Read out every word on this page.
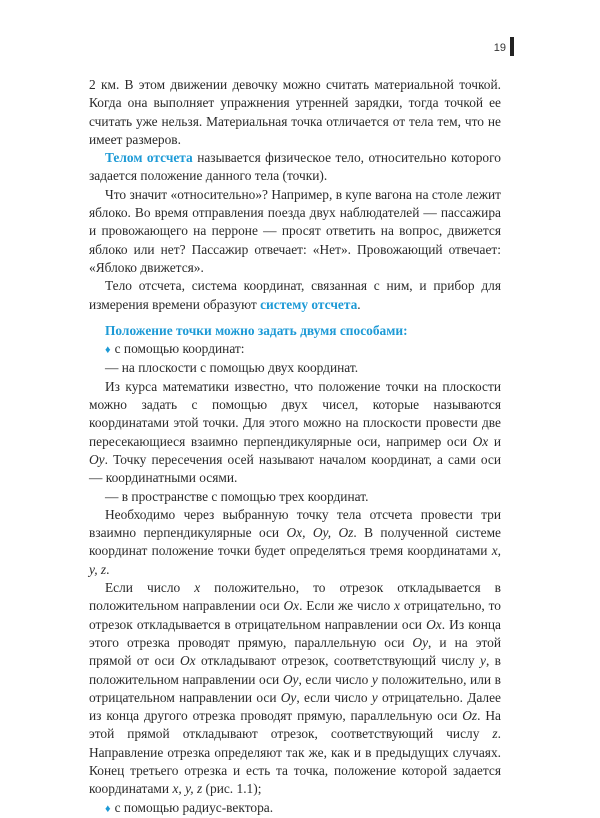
19

2 км. В этом движении девочку можно считать материальной точкой. Когда она выполняет упражнения утренней зарядки, тогда точкой ее считать уже нельзя. Материальная точка отличается от тела тем, что не имеет размеров.

Телом отсчета называется физическое тело, относительно которого задается положение данного тела (точки).

Что значит «относительно»? Например, в купе вагона на столе лежит яблоко. Во время отправления поезда двух наблюдателей — пассажира и провожающего на перроне — просят ответить на вопрос, движется яблоко или нет? Пассажир отвечает: «Нет». Провожающий отвечает: «Яблоко движется».

Тело отсчета, система координат, связанная с ним, и прибор для измерения времени образуют систему отсчета.

Положение точки можно задать двумя способами:

♦ с помощью координат:

— на плоскости с помощью двух координат.

Из курса математики известно, что положение точки на плоскости можно задать с помощью двух чисел, которые называются координатами этой точки. Для этого можно на плоскости провести две пересекающиеся взаимно перпендикулярные оси, например оси Ox и Oy. Точку пересечения осей называют началом координат, а сами оси — координатными осями.

— в пространстве с помощью трех координат.

Необходимо через выбранную точку тела отсчета провести три взаимно перпендикулярные оси Ox, Oy, Oz. В полученной системе координат положение точки будет определяться тремя координатами x, y, z.

Если число x положительно, то отрезок откладывается в положительном направлении оси Ox. Если же число x отрицательно, то отрезок откладывается в отрицательном направлении оси Ox. Из конца этого отрезка проводят прямую, параллельную оси Oy, и на этой прямой от оси Ox откладывают отрезок, соответствующий числу y, в положительном направлении оси Oy, если число y положительно, или в отрицательном направлении оси Oy, если число y отрицательно. Далее из конца другого отрезка проводят прямую, параллельную оси Oz. На этой прямой откладывают отрезок, соответствующий числу z. Направление отрезка определяют так же, как и в предыдущих случаях. Конец третьего отрезка и есть та точка, положение которой задается координатами x, y, z (рис. 1.1);

♦ с помощью радиус-вектора.
